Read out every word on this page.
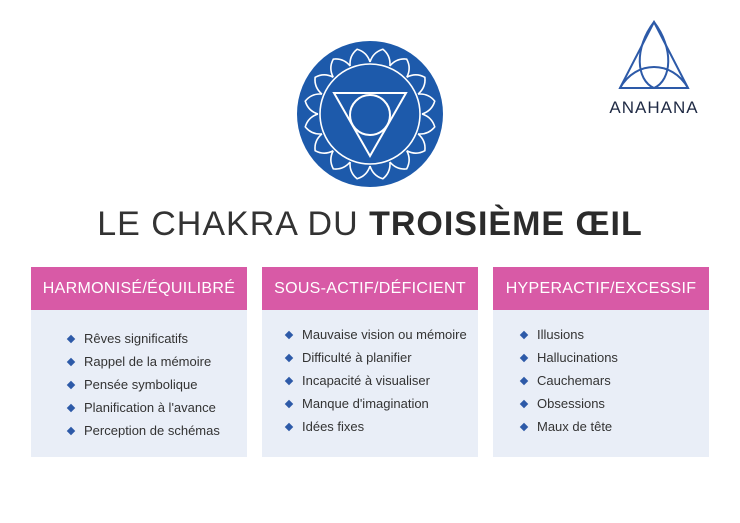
ANAHANA
LE CHAKRA DU TROISIÈME ŒIL
HARMONISÉ/ÉQUILIBRÉ
Rêves significatifs
Rappel de la mémoire
Pensée symbolique
Planification à l'avance
Perception de schémas
SOUS-ACTIF/DÉFICIENT
Mauvaise vision ou mémoire
Difficulté à planifier
Incapacité à visualiser
Manque d'imagination
Idées fixes
HYPERACTIF/EXCESSIF
Illusions
Hallucinations
Cauchemars
Obsessions
Maux de tête
